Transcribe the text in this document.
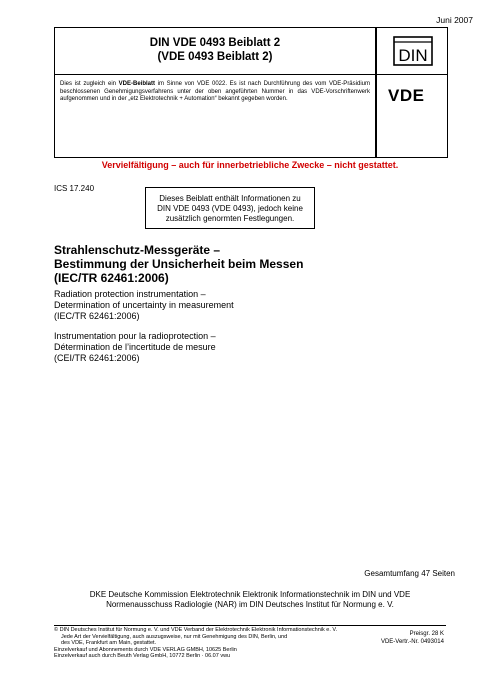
Juni 2007
DIN VDE 0493 Beiblatt 2
(VDE 0493 Beiblatt 2)	DIN
VDE
Dies ist zugleich ein VDE-Beiblatt im Sinne von VDE 0022. Es ist nach Durchführung des vom VDE-Präsidium beschlossenen Genehmigungsverfahrens unter der oben angeführten Nummer in das VDE-Vorschriftenwerk aufgenommen und in der „etz Elektrotechnik + Automation“ bekannt gegeben worden.
Vervielfältigung – auch für innerbetriebliche Zwecke – nicht gestattet.
ICS 17.240
Dieses Beiblatt enthält Informationen zu
DIN VDE 0493 (VDE 0493), jedoch keine
zusätzlich genormten Festlegungen.
Strahlenschutz-Messgeräte –
Bestimmung der Unsicherheit beim Messen
(IEC/TR 62461:2006)
Radiation protection instrumentation –
Determination of uncertainty in measurement
(IEC/TR 62461:2006)
Instrumentation pour la radioprotection –
Détermination de l’incertitude de mesure
(CEI/TR 62461:2006)
Gesamtumfang 47 Seiten
DKE Deutsche Kommission Elektrotechnik Elektronik Informationstechnik im DIN und VDE
Normenausschuss Radiologie (NAR) im DIN Deutsches Institut für Normung e. V.
© DIN Deutsches Institut für Normung e. V. und VDE Verband der Elektrotechnik Elektronik Informationstechnik e. V.
Jede Art der Vervielfältigung, auch auszugsweise, nur mit Genehmigung des DIN, Berlin, und
des VDE, Frankfurt am Main, gestattet.
Einzelverkauf und Abonnements durch VDE VERLAG GMBH, 10625 Berlin
Einzelverkauf auch durch Beuth Verlag GmbH, 10772 Berlin · 06.07 vwu
Preisgr. 28 K
VDE-Vertr.-Nr. 0493014
